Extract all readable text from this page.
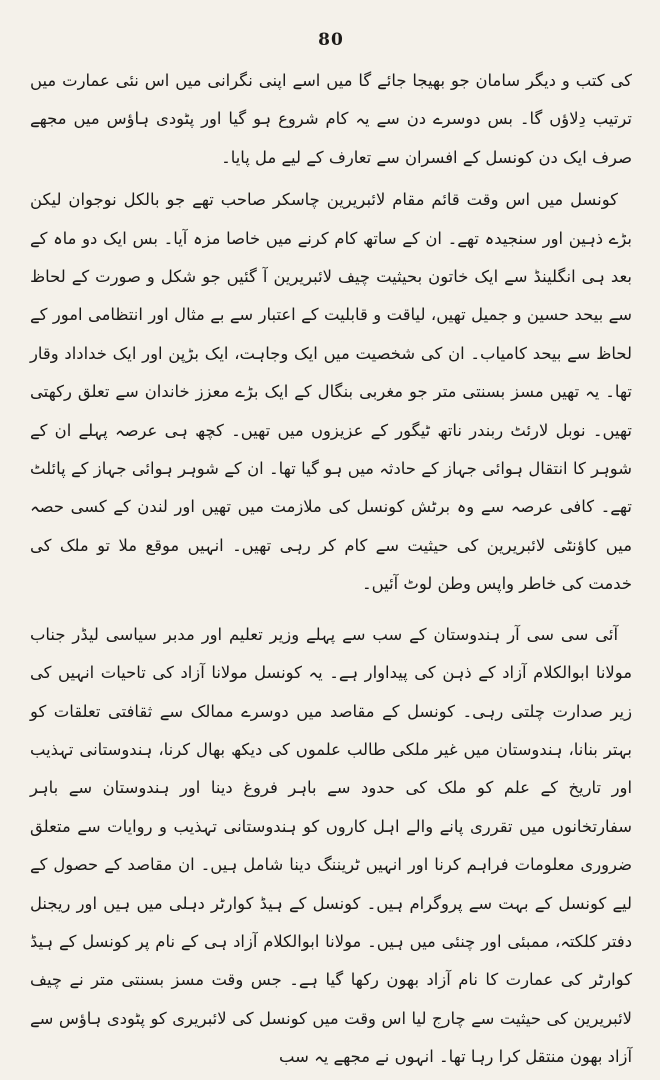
80

کی کتب و دیگر سامان جو بھیجا جائے گا میں اسے اپنی نگرانی میں اس نئی عمارت میں ترتیب دِلاؤں گا۔ بس دوسرے دن سے یہ کام شروع ہو گیا اور پٹودی ہاؤس میں مجھے صرف ایک دن کونسل کے افسران سے تعارف کے لیے مل پایا۔

کونسل میں اس وقت قائم مقام لائبریرین چاسکر صاحب تھے جو بالکل نوجوان لیکن بڑے ذہین اور سنجیدہ تھے۔ ان کے ساتھ کام کرنے میں خاصا مزہ آیا۔ بس ایک دو ماہ کے بعد ہی انگلینڈ سے ایک خاتون بحیثیت چیف لائبریرین آ گئیں جو شکل و صورت کے لحاظ سے بیحد حسین و جمیل تھیں، لیاقت و قابلیت کے اعتبار سے بے مثال اور انتظامی امور کے لحاظ سے بیحد کامیاب۔ ان کی شخصیت میں ایک وجاہت، ایک بڑپن اور ایک خداداد وقار تھا۔ یہ تھیں مسز بسنتی متر جو مغربی بنگال کے ایک بڑے معزز خاندان سے تعلق رکھتی تھیں۔ نوبل لارئٹ ربندر ناتھ ٹیگور کے عزیزوں میں تھیں۔ کچھ ہی عرصہ پہلے ان کے شوہر کا انتقال ہوائی جہاز کے حادثہ میں ہو گیا تھا۔ ان کے شوہر ہوائی جہاز کے پائلٹ تھے۔ کافی عرصہ سے وہ برٹش کونسل کی ملازمت میں تھیں اور لندن کے کسی حصہ میں کاؤنٹی لائبریرین کی حیثیت سے کام کر رہی تھیں۔ انہیں موقع ملا تو ملک کی خدمت کی خاطر واپس وطن لوٹ آئیں۔

آئی سی سی آر ہندوستان کے سب سے پہلے وزیر تعلیم اور مدبر سیاسی لیڈر جناب مولانا ابوالکلام آزاد کے ذہن کی پیداوار ہے۔ یہ کونسل مولانا آزاد کی تاحیات انہیں کی زیر صدارت چلتی رہی۔ کونسل کے مقاصد میں دوسرے ممالک سے ثقافتی تعلقات کو بہتر بنانا، ہندوستان میں غیر ملکی طالب علموں کی دیکھ بھال کرنا، ہندوستانی تہذیب اور تاریخ کے علم کو ملک کی حدود سے باہر فروغ دینا اور ہندوستان سے باہر سفارتخانوں میں تقرری پانے والے اہل کاروں کو ہندوستانی تہذیب و روایات سے متعلق ضروری معلومات فراہم کرنا اور انہیں ٹریننگ دینا شامل ہیں۔ ان مقاصد کے حصول کے لیے کونسل کے بہت سے پروگرام ہیں۔ کونسل کے ہیڈ کوارٹر دہلی میں ہیں اور ریجنل دفتر کلکتہ، ممبئی اور چنئی میں ہیں۔ مولانا ابوالکلام آزاد ہی کے نام پر کونسل کے ہیڈ کوارٹر کی عمارت کا نام آزاد بھون رکھا گیا ہے۔ جس وقت مسز بسنتی متر نے چیف لائبریرین کی حیثیت سے چارج لیا اس وقت میں کونسل کی لائبریری کو پٹودی ہاؤس سے آزاد بھون منتقل کرا رہا تھا۔ انہوں نے مجھے یہ سب
